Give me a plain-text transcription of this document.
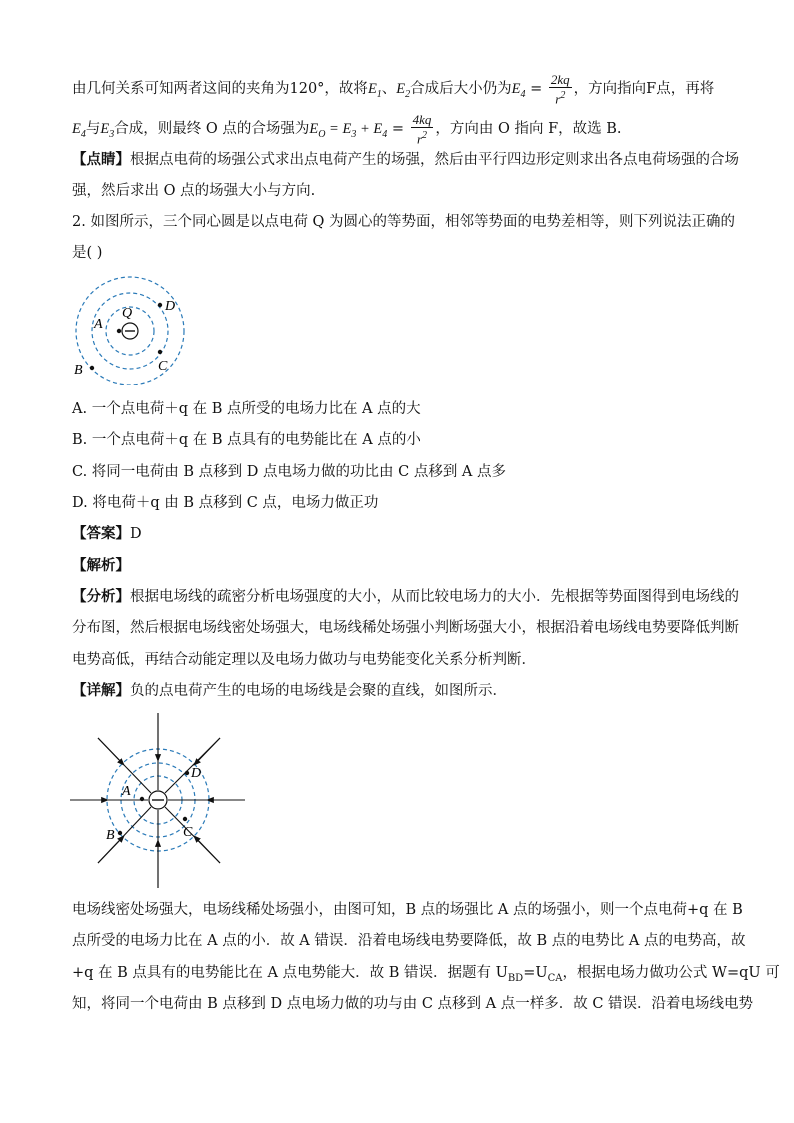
由几何关系可知两者这间的夹角为120°，故将$E_1$、$E_2$合成后大小仍为$E_4 = \frac{2kq}{r^2}$ ，方向指向F点，再将
$E_4$与$E_3$合成，则最终 O 点的合场强为$E_O = E_3 + E_4 = \frac{4kq}{r^2}$ ，方向由 O 指向 F，故选 B.
【点睛】根据点电荷的场强公式求出点电荷产生的场强，然后由平行四边形定则求出各点电荷场强的合场
强，然后求出 O 点的场强大小与方向.
2. 如图所示，三个同心圆是以点电荷 Q 为圆心的等势面，相邻等势面的电势差相等，则下列说法正确的
是( )
Q
A
B	C
D
A. 一个点电荷＋q 在 B 点所受的电场力比在 A 点的大
B. 一个点电荷＋q 在 B 点具有的电势能比在 A 点的小
C. 将同一电荷由 B 点移到 D 点电场力做的功比由 C 点移到 A 点多
D. 将电荷＋q 由 B 点移到 C 点，电场力做正功
【答案】D
【解析】
【分析】根据电场线的疏密分析电场强度的大小，从而比较电场力的大小．先根据等势面图得到电场线的
分布图，然后根据电场线密处场强大，电场线稀处场强小判断场强大小，根据沿着电场线电势要降低判断
电势高低，再结合动能定理以及电场力做功与电势能变化关系分析判断．
【详解】负的点电荷产生的电场的电场线是会聚的直线，如图所示．
A
B	C
D
电场线密处场强大，电场线稀处场强小，由图可知，B 点的场强比 A 点的场强小，则一个点电荷+q 在 B
点所受的电场力比在 A 点的小．故 A 错误．沿着电场线电势要降低，故 B 点的电势比 A 点的电势高，故
+q 在 B 点具有的电势能比在 A 点电势能大．故 B 错误．据题有 $U_{BD}=U_{CA}$，根据电场力做功公式 W=qU 可
知，将同一个电荷由 B 点移到 D 点电场力做的功与由 C 点移到 A 点一样多．故 C 错误．沿着电场线电势
